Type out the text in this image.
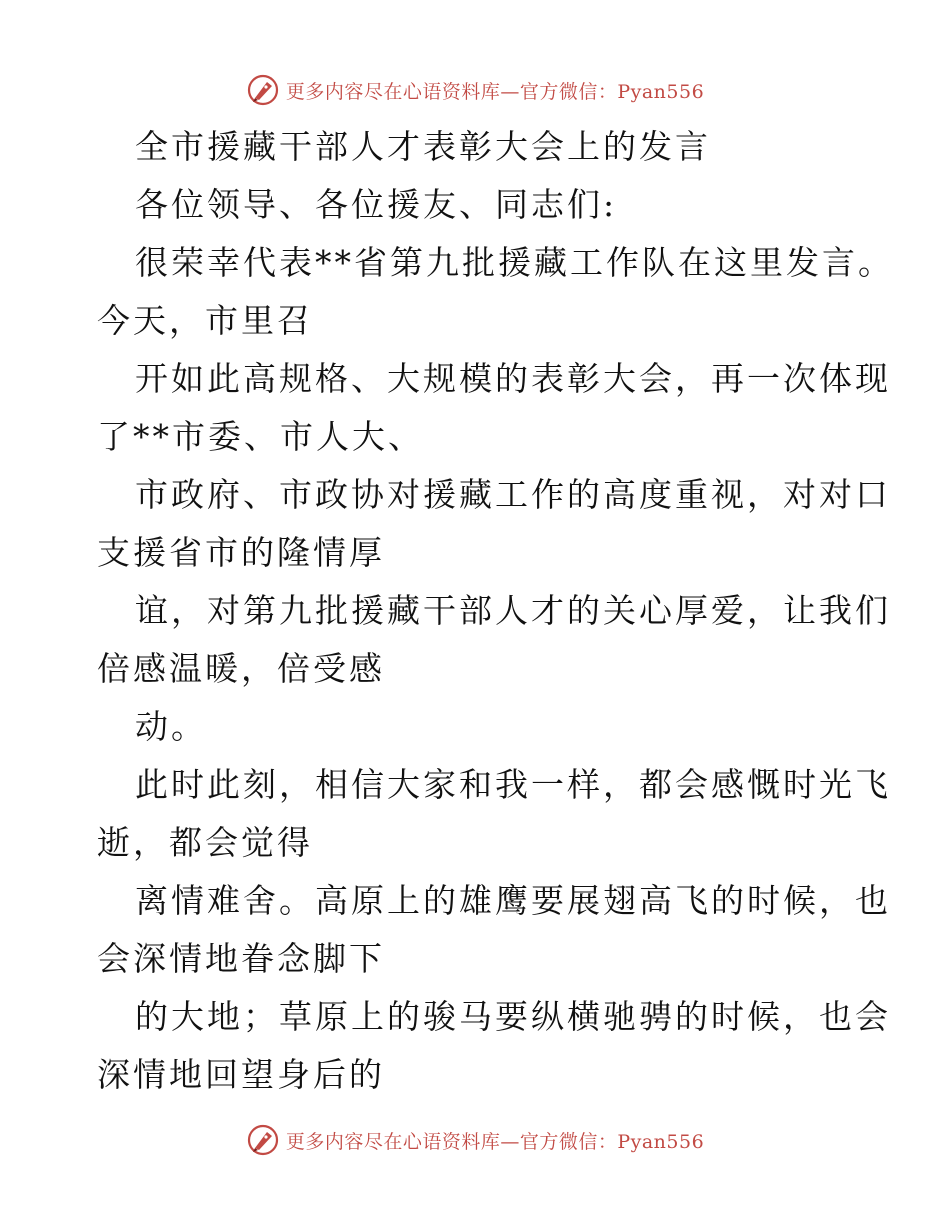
更多内容尽在心语资料库—官方微信：Pyan556
全市援藏干部人才表彰大会上的发言
各位领导、各位援友、同志们:
很荣幸代表**省第九批援藏工作队在这里发言。
今天，市里召
开如此高规格、大规模的表彰大会，再一次体现
了**市委、市人大、
市政府、市政协对援藏工作的高度重视，对对口
支援省市的隆情厚
谊，对第九批援藏干部人才的关心厚爱，让我们
倍感温暖，倍受感
动。
此时此刻，相信大家和我一样，都会感慨时光飞
逝，都会觉得
离情难舍。高原上的雄鹰要展翅高飞的时候，也
会深情地眷念脚下
的大地；草原上的骏马要纵横驰骋的时候，也会
深情地回望身后的
更多内容尽在心语资料库—官方微信：Pyan556
